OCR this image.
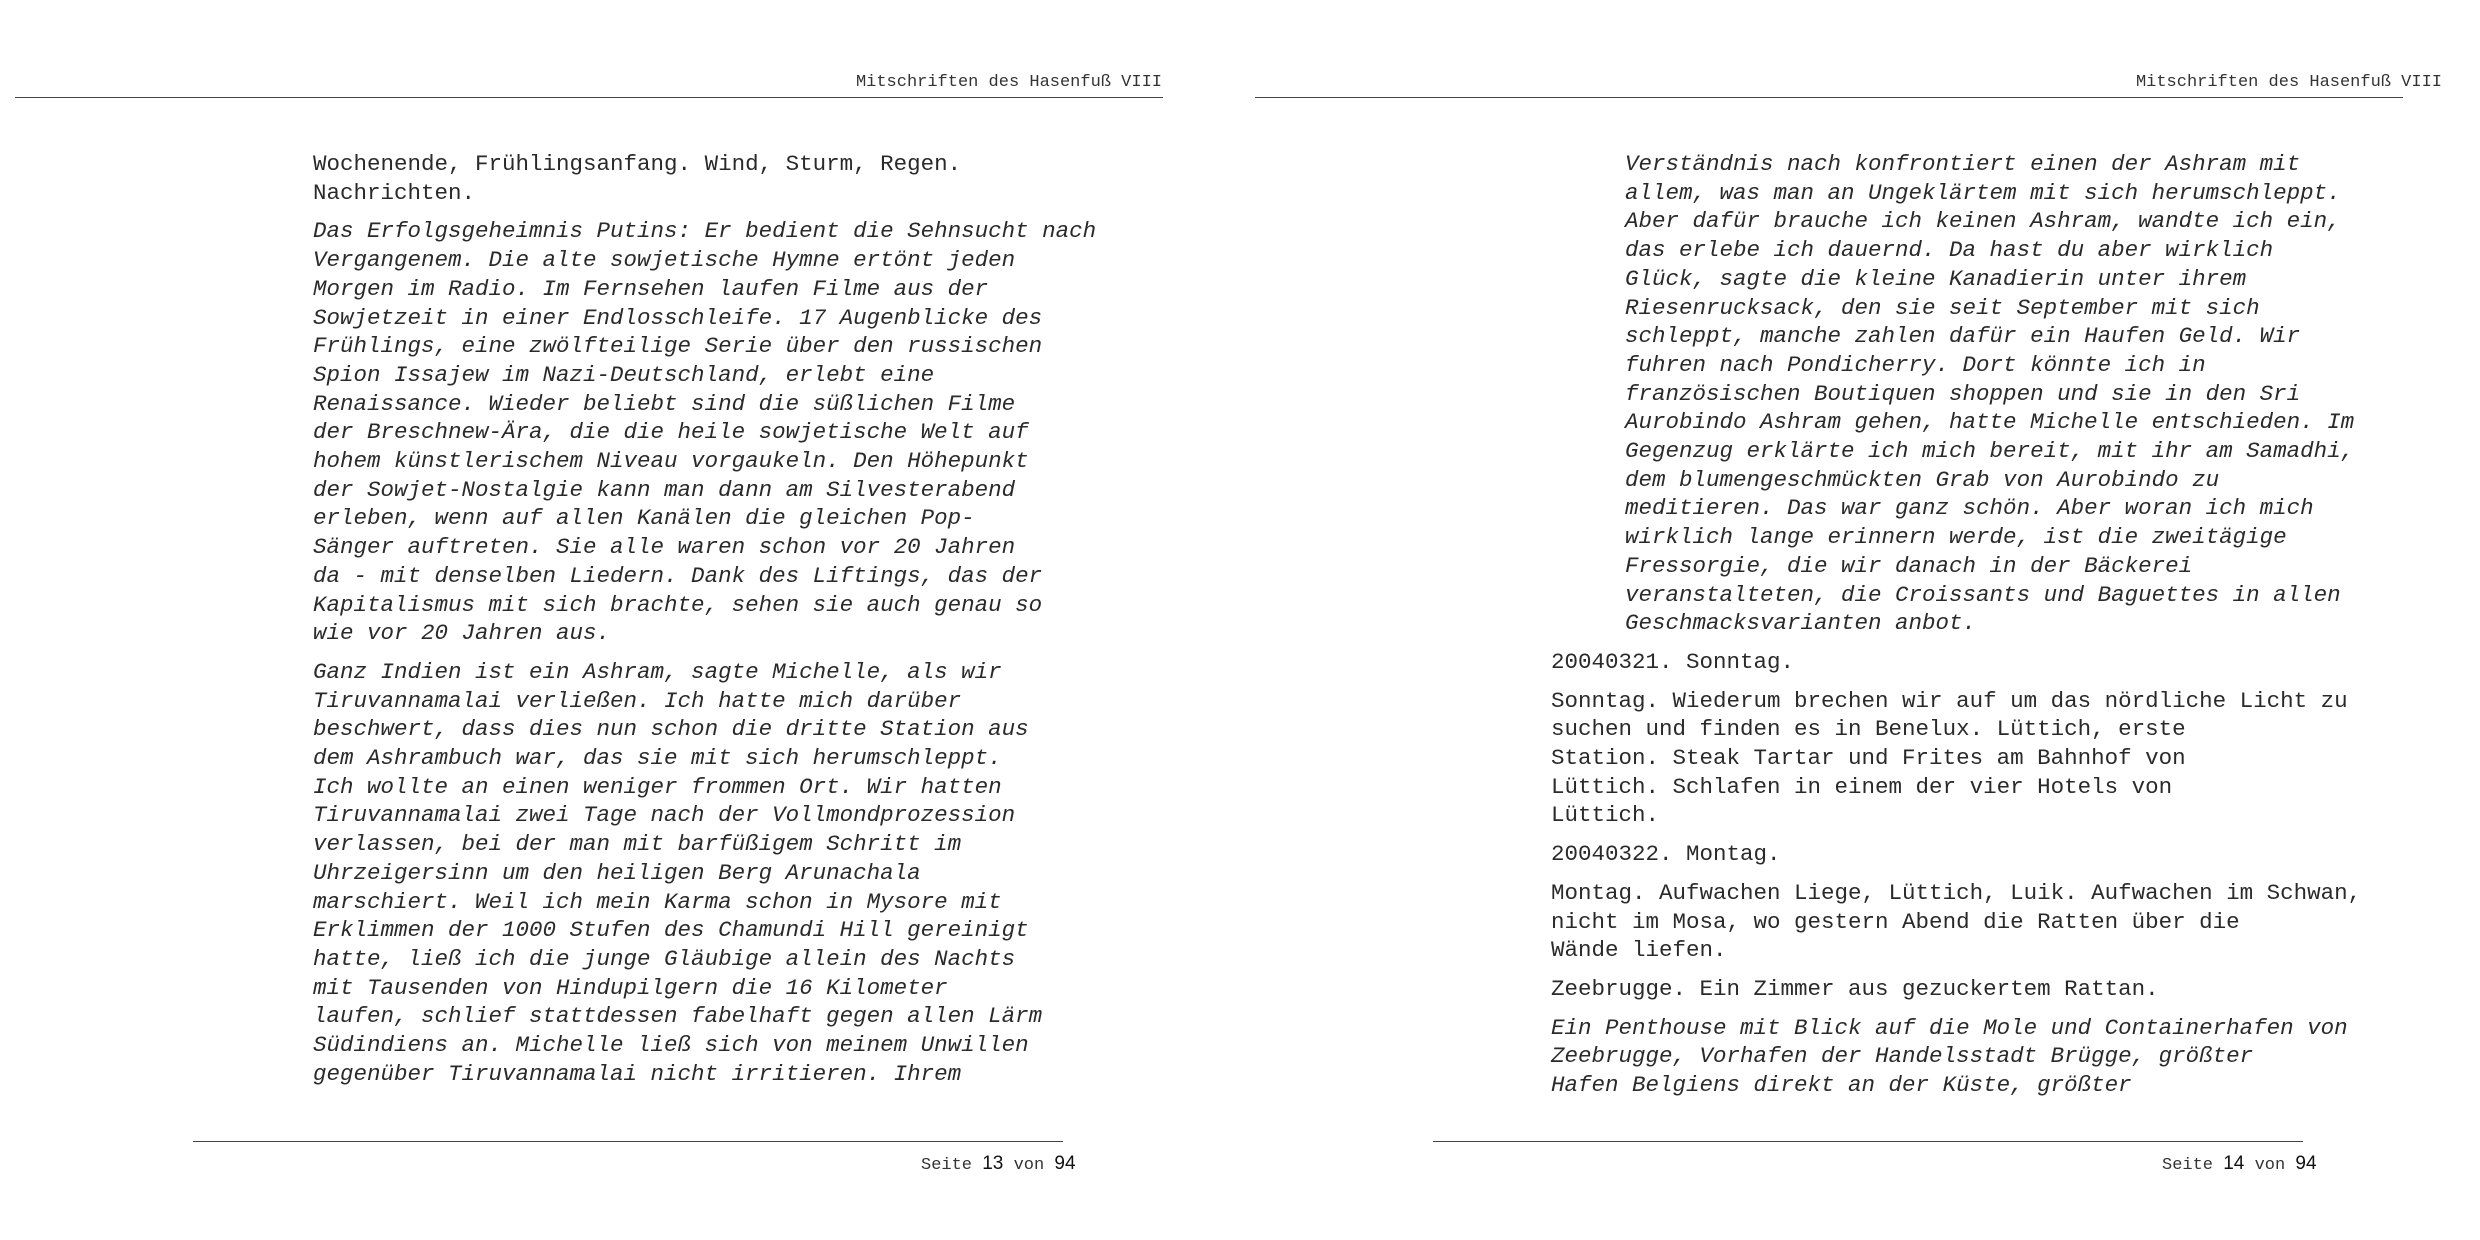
Mitschriften des Hasenfuß VIII

Wochenende, Frühlingsanfang. Wind, Sturm, Regen.
Nachrichten.

Das Erfolgsgeheimnis Putins: Er bedient die Sehnsucht nach
Vergangenem. Die alte sowjetische Hymne ertönt jeden
Morgen im Radio. Im Fernsehen laufen Filme aus der
Sowjetzeit in einer Endlosschleife. 17 Augenblicke des
Frühlings, eine zwölfteilige Serie über den russischen
Spion Issajew im Nazi-Deutschland, erlebt eine
Renaissance. Wieder beliebt sind die süßlichen Filme
der Breschnew-Ära, die die heile sowjetische Welt auf
hohem künstlerischem Niveau vorgaukeln. Den Höhepunkt
der Sowjet-Nostalgie kann man dann am Silvesterabend
erleben, wenn auf allen Kanälen die gleichen Pop-
Sänger auftreten. Sie alle waren schon vor 20 Jahren
da - mit denselben Liedern. Dank des Liftings, das der
Kapitalismus mit sich brachte, sehen sie auch genau so
wie vor 20 Jahren aus.

Ganz Indien ist ein Ashram, sagte Michelle, als wir
Tiruvannamalai verließen. Ich hatte mich darüber
beschwert, dass dies nun schon die dritte Station aus
dem Ashrambuch war, das sie mit sich herumschleppt.
Ich wollte an einen weniger frommen Ort. Wir hatten
Tiruvannamalai zwei Tage nach der Vollmondprozession
verlassen, bei der man mit barfüßigem Schritt im
Uhrzeigersinn um den heiligen Berg Arunachala
marschiert. Weil ich mein Karma schon in Mysore mit
Erklimmen der 1000 Stufen des Chamundi Hill gereinigt
hatte, ließ ich die junge Gläubige allein des Nachts
mit Tausenden von Hindupilgern die 16 Kilometer
laufen, schlief stattdessen fabelhaft gegen allen Lärm
Südindiens an. Michelle ließ sich von meinem Unwillen
gegenüber Tiruvannamalai nicht irritieren. Ihrem

Seite 13 von 94
Mitschriften des Hasenfuß VIII

Verständnis nach konfrontiert einen der Ashram mit
allem, was man an Ungeklärtem mit sich herumschleppt.
Aber dafür brauche ich keinen Ashram, wandte ich ein,
das erlebe ich dauernd. Da hast du aber wirklich
Glück, sagte die kleine Kanadierin unter ihrem
Riesenrucksack, den sie seit September mit sich
schleppt, manche zahlen dafür ein Haufen Geld. Wir
fuhren nach Pondicherry. Dort könnte ich in
französischen Boutiquen shoppen und sie in den Sri
Aurobindo Ashram gehen, hatte Michelle entschieden. Im
Gegenzug erklärte ich mich bereit, mit ihr am Samadhi,
dem blumengeschmückten Grab von Aurobindo zu
meditieren. Das war ganz schön. Aber woran ich mich
wirklich lange erinnern werde, ist die zweitägige
Fressorgie, die wir danach in der Bäckerei
veranstalteten, die Croissants und Baguettes in allen
Geschmacksvarianten anbot.

20040321. Sonntag.

Sonntag. Wiederum brechen wir auf um das nördliche Licht zu
suchen und finden es in Benelux. Lüttich, erste
Station. Steak Tartar und Frites am Bahnhof von
Lüttich. Schlafen in einem der vier Hotels von
Lüttich.

20040322. Montag.

Montag. Aufwachen Liege, Lüttich, Luik. Aufwachen im Schwan,
nicht im Mosa, wo gestern Abend die Ratten über die
Wände liefen.

Zeebrugge. Ein Zimmer aus gezuckertem Rattan.

Ein Penthouse mit Blick auf die Mole und Containerhafen von
Zeebrugge, Vorhafen der Handelsstadt Brügge, größter
Hafen Belgiens direkt an der Küste, größter

Seite 14 von 94
